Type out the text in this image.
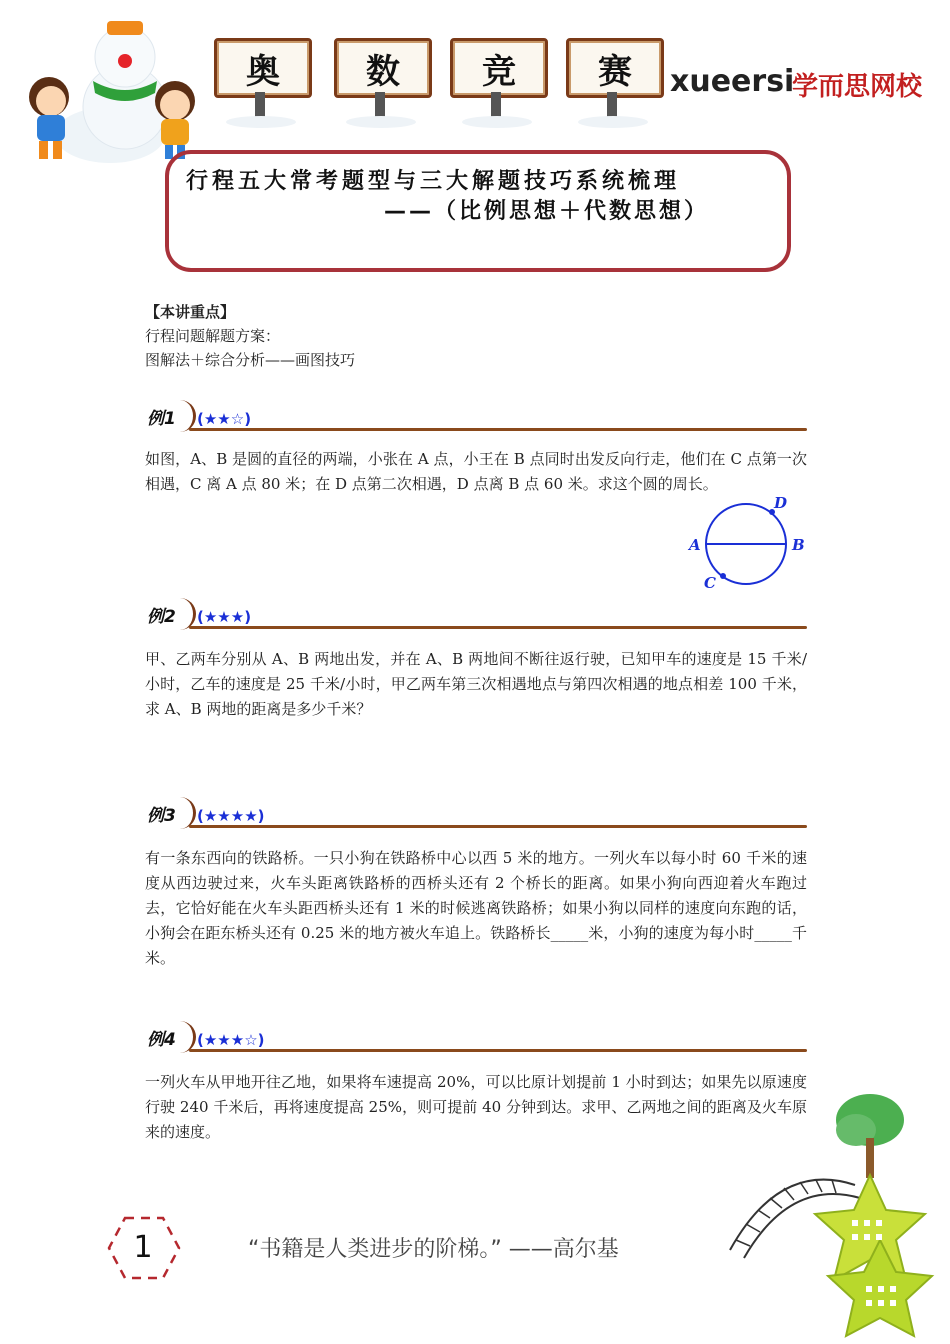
奥	数	竞	赛	xueersi
学而思网校
行程五大常考题型与三大解题技巧系统梳理
——（比例思想＋代数思想）
【本讲重点】
行程问题解题方案：
图解法＋综合分析——画图技巧
例1	(★★☆)
如图，A、B 是圆的直径的两端，小张在 A 点，小王在 B 点同时出发反向行走，他们在 C 点第一次相遇，C 离 A 点 80 米；在 D 点第二次相遇，D 点离 B 点 60 米。求这个圆的周长。
A	B
C
D
例2	(★★★)
甲、乙两车分别从 A、B 两地出发，并在 A、B 两地间不断往返行驶，已知甲车的速度是 15 千米/小时，乙车的速度是 25 千米/小时，甲乙两车第三次相遇地点与第四次相遇的地点相差 100 千米，求 A、B 两地的距离是多少千米？
例3	(★★★★)
有一条东西向的铁路桥。一只小狗在铁路桥中心以西 5 米的地方。一列火车以每小时 60 千米的速度从西边驶过来，火车头距离铁路桥的西桥头还有 2 个桥长的距离。如果小狗向西迎着火车跑过去，它恰好能在火车头距西桥头还有 1 米的时候逃离铁路桥；如果小狗以同样的速度向东跑的话，小狗会在距东桥头还有 0.25 米的地方被火车追上。铁路桥长_____米，小狗的速度为每小时_____千米。
例4	(★★★☆)
一列火车从甲地开往乙地，如果将车速提高 20%，可以比原计划提前 1 小时到达；如果先以原速度行驶 240 千米后，再将速度提高 25%，则可提前 40 分钟到达。求甲、乙两地之间的距离及火车原来的速度。
1	“书籍是人类进步的阶梯。” ——高尔基
